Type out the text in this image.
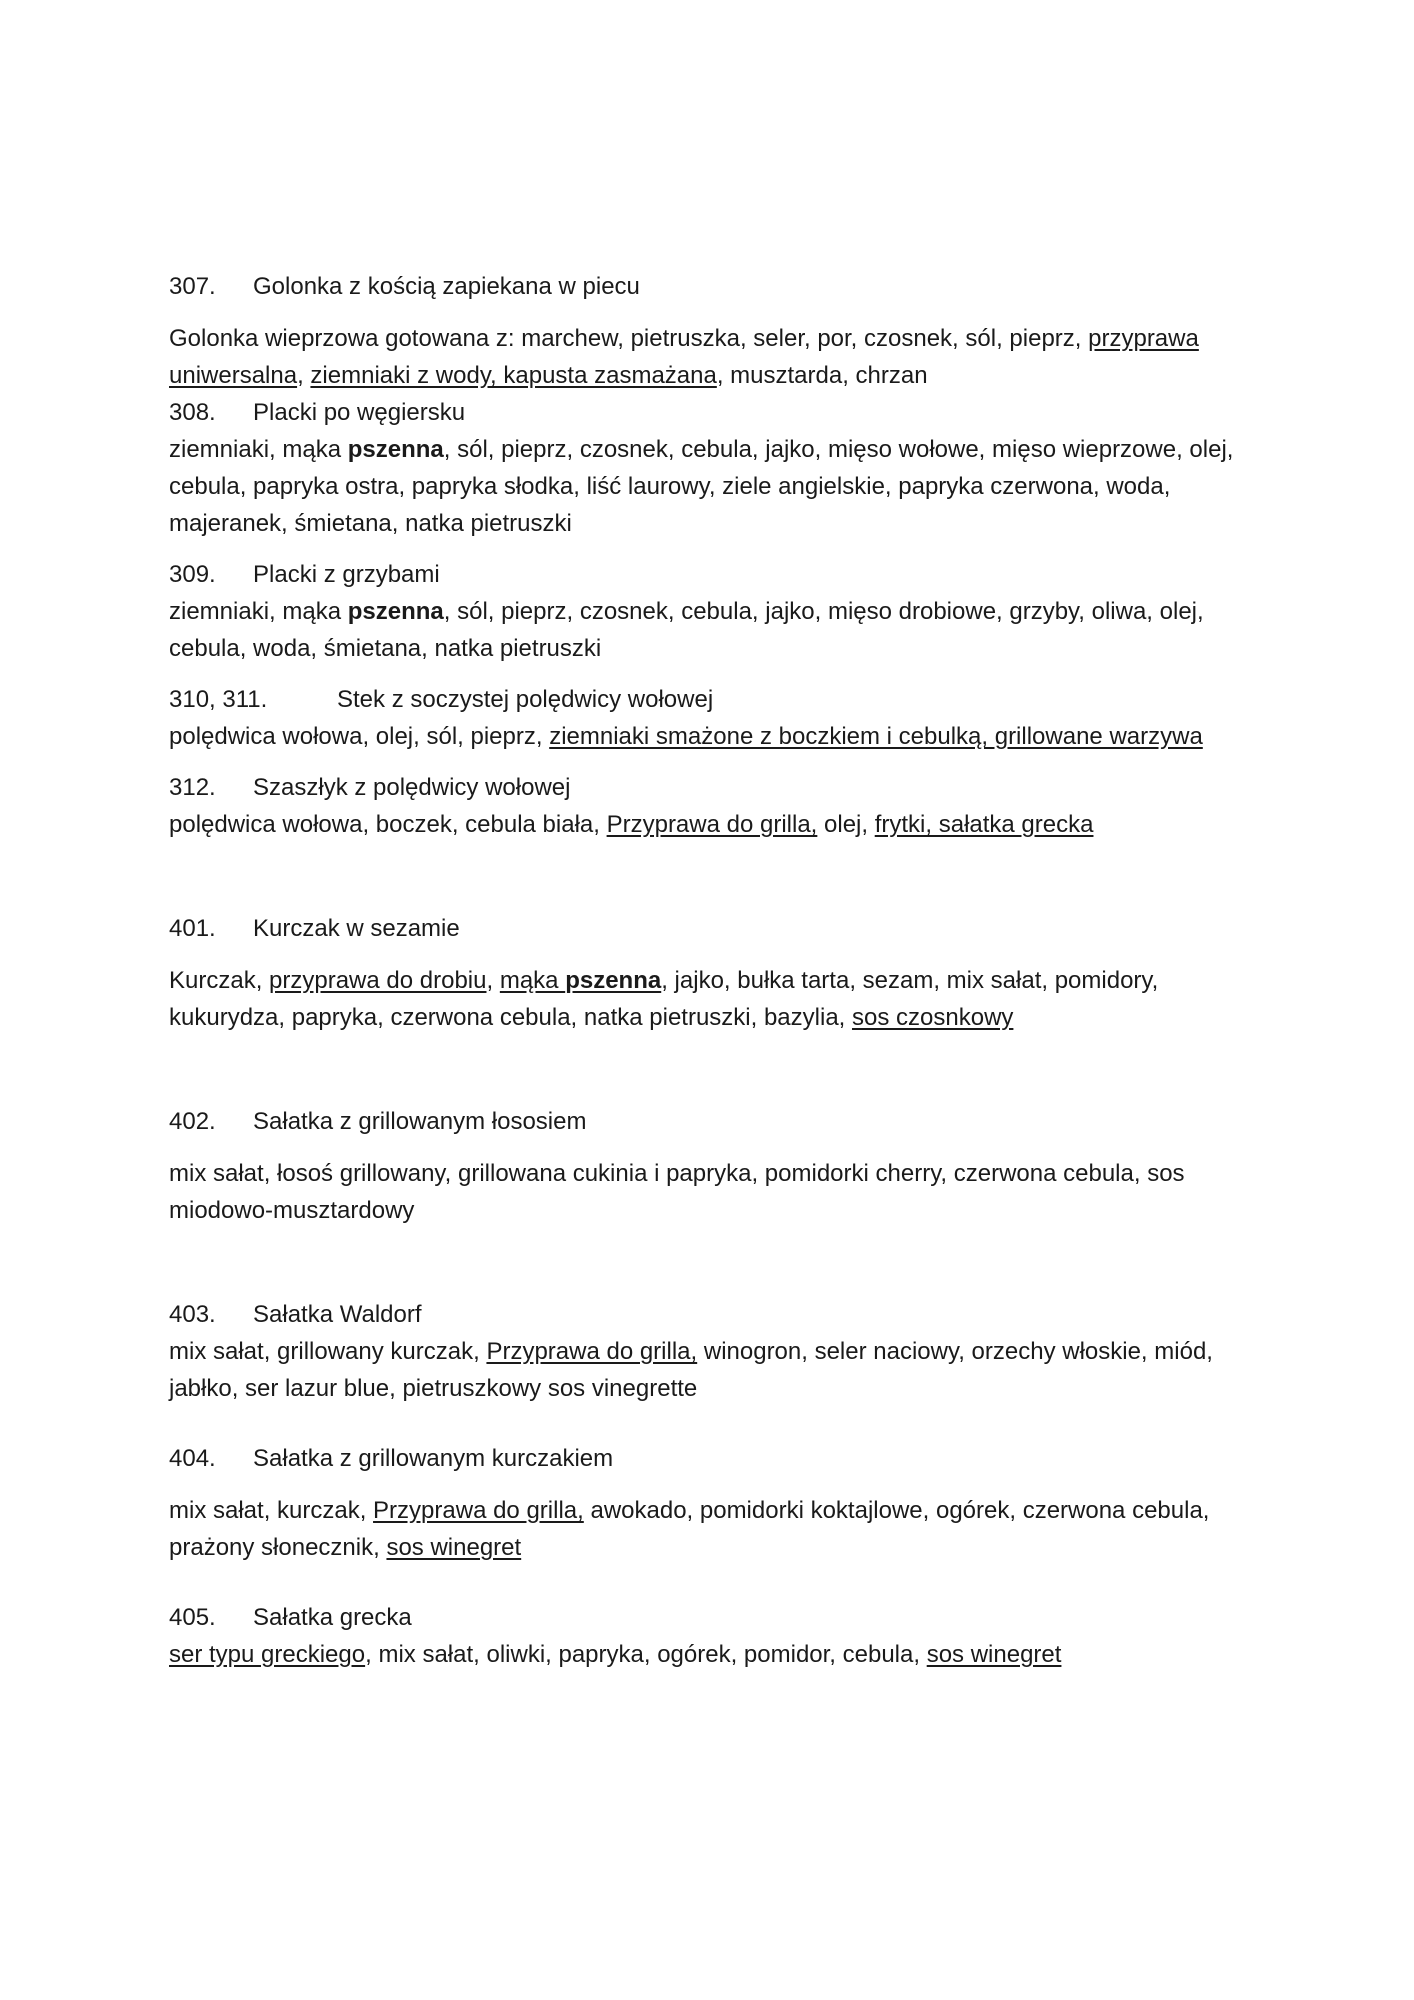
307. Golonka z kością zapiekana w piecu
Golonka wieprzowa gotowana z: marchew, pietruszka, seler, por, czosnek, sól, pieprz, przyprawa uniwersalna, ziemniaki z wody, kapusta zasmażana, musztarda, chrzan
308. Placki po węgiersku
ziemniaki, mąka pszenna, sól, pieprz, czosnek, cebula, jajko, mięso wołowe, mięso wieprzowe, olej, cebula, papryka ostra, papryka słodka, liść laurowy, ziele angielskie, papryka czerwona, woda, majeranek, śmietana, natka pietruszki
309. Placki z grzybami
ziemniaki, mąka pszenna, sól, pieprz, czosnek, cebula, jajko, mięso drobiowe, grzyby, oliwa, olej, cebula, woda, śmietana, natka pietruszki
310, 311.	Stek z soczystej polędwicy wołowej
polędwica wołowa, olej, sól, pieprz, ziemniaki smażone z boczkiem i cebulką, grillowane warzywa
312. Szaszłyk z polędwicy wołowej
polędwica wołowa, boczek, cebula biała, Przyprawa do grilla, olej, frytki, sałatka grecka
401. Kurczak w sezamie
Kurczak, przyprawa do drobiu, mąka pszenna, jajko, bułka tarta, sezam, mix sałat, pomidory, kukurydza, papryka, czerwona cebula, natka pietruszki, bazylia, sos czosnkowy
402. Sałatka z grillowanym łososiem
mix sałat, łosoś grillowany, grillowana cukinia i papryka, pomidorki cherry, czerwona cebula, sos miodowo-musztardowy
403. Sałatka Waldorf
mix sałat, grillowany kurczak, Przyprawa do grilla, winogron, seler naciowy, orzechy włoskie, miód, jabłko, ser lazur blue, pietruszkowy sos vinegrette
404. Sałatka z grillowanym kurczakiem
mix sałat, kurczak, Przyprawa do grilla, awokado, pomidorki koktajlowe, ogórek, czerwona cebula, prażony słonecznik, sos winegret
405. Sałatka grecka
ser typu greckiego, mix sałat, oliwki, papryka, ogórek, pomidor, cebula, sos winegret
